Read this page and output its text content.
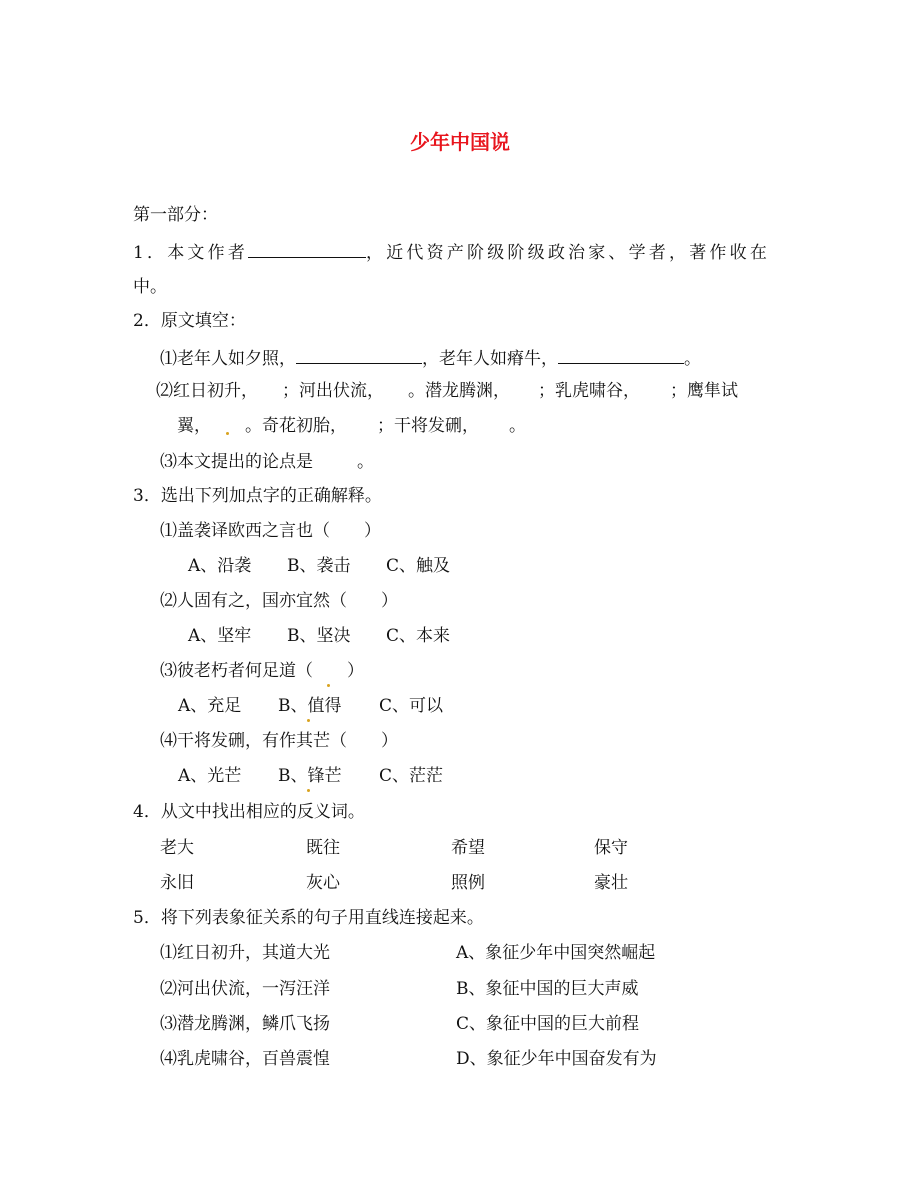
少年中国说
第一部分：
1．本文作者	，近代资产阶级阶级政治家、学者，著作收在
中。
2．原文填空：
⑴老年人如夕照，	，老年人如瘠牛，	。
⑵红日初升， ；河出伏流， 。潜龙腾渊， ；乳虎啸谷， ；鹰隼试
翼， 。奇花初胎， ；干将发硎， 。
⑶本文提出的论点是	。
3．选出下列加点字的正确解释。
⑴盖袭译欧西之言也（　　）
A、沿袭 B、袭击 C、触及
⑵人固有之，国亦宜然（　　）
A、坚牢 B、坚决 C、本来
⑶彼老朽者何足道（　　）
A、充足 B、值得 C、可以
⑷干将发硎，有作其芒（　　）
A、光芒 B、锋芒 C、茫茫
4．从文中找出相应的反义词。
老大	既往	希望	保守
永旧	灰心	照例	豪壮
5．将下列表象征关系的句子用直线连接起来。
⑴红日初升，其道大光	A、象征少年中国突然崛起
⑵河出伏流，一泻汪洋	B、象征中国的巨大声威
⑶潜龙腾渊，鳞爪飞扬	C、象征中国的巨大前程
⑷乳虎啸谷，百兽震惶	D、象征少年中国奋发有为
